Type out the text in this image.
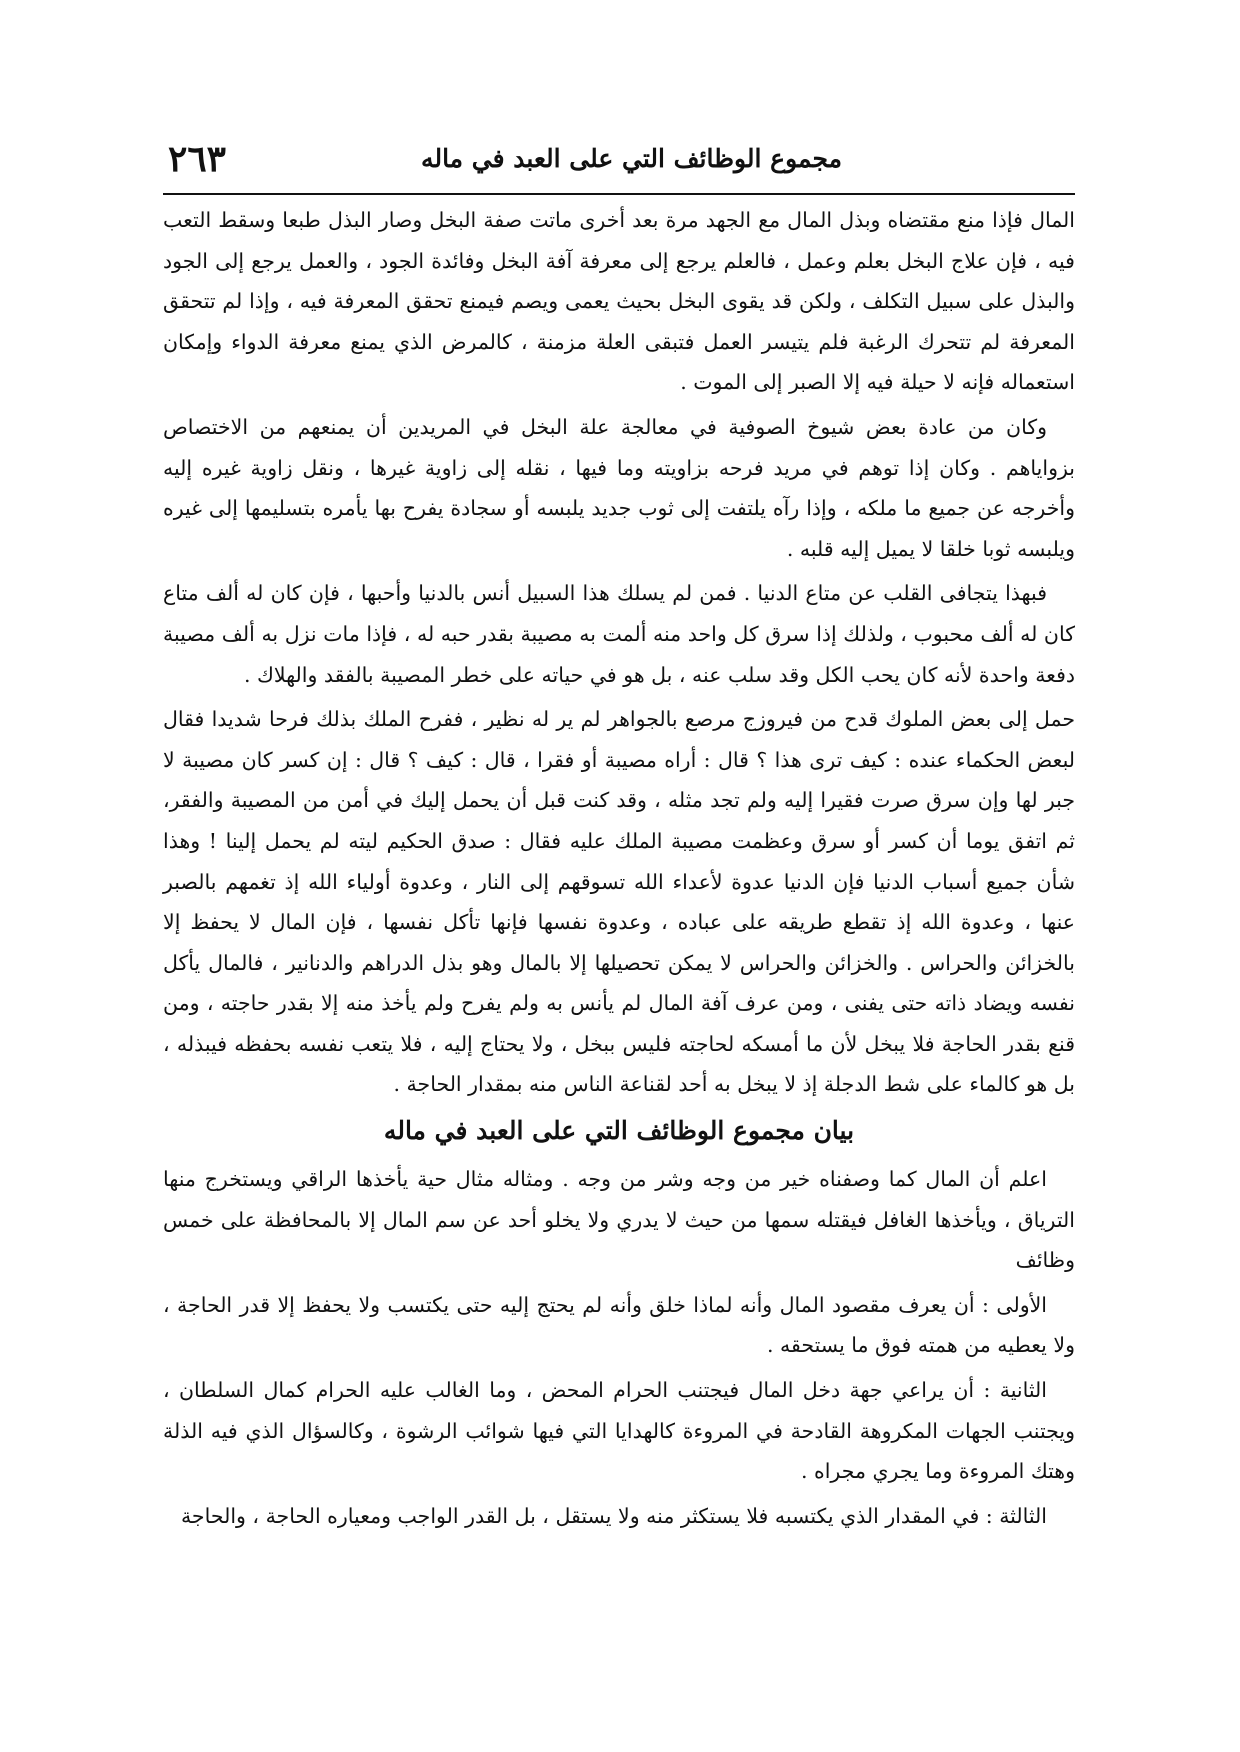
مجموع الوظائف التي على العبد في ماله
٢٦٣

المال فإذا منع مقتضاه وبذل المال مع الجهد مرة بعد أخرى ماتت صفة البخل وصار البذل طبعا وسقط التعب فيه ، فإن علاج البخل بعلم وعمل ، فالعلم يرجع إلى معرفة آفة البخل وفائدة الجود ، والعمل يرجع إلى الجود والبذل على سبيل التكلف ، ولكن قد يقوى البخل بحيث يعمى ويصم فيمنع تحقق المعرفة فيه ، وإذا لم تتحقق المعرفة لم تتحرك الرغبة فلم يتيسر العمل فتبقى العلة مزمنة ، كالمرض الذي يمنع معرفة الدواء وإمكان استعماله فإنه لا حيلة فيه إلا الصبر إلى الموت .

وكان من عادة بعض شيوخ الصوفية في معالجة علة البخل في المريدين أن يمنعهم من الاختصاص بزواياهم . وكان إذا توهم في مريد فرحه بزاويته وما فيها ، نقله إلى زاوية غيرها ، ونقل زاوية غيره إليه وأخرجه عن جميع ما ملكه ، وإذا رآه يلتفت إلى ثوب جديد يلبسه أو سجادة يفرح بها يأمره بتسليمها إلى غيره ويلبسه ثوبا خلقا لا يميل إليه قلبه .

فبهذا يتجافى القلب عن متاع الدنيا . فمن لم يسلك هذا السبيل أنس بالدنيا وأحبها ، فإن كان له ألف متاع كان له ألف محبوب ، ولذلك إذا سرق كل واحد منه ألمت به مصيبة بقدر حبه له ، فإذا مات نزل به ألف مصيبة دفعة واحدة لأنه كان يحب الكل وقد سلب عنه ، بل هو في حياته على خطر المصيبة بالفقد والهلاك .

حمل إلى بعض الملوك قدح من فيروزج مرصع بالجواهر لم ير له نظير ، ففرح الملك بذلك فرحا شديدا فقال لبعض الحكماء عنده : كيف ترى هذا ؟ قال : أراه مصيبة أو فقرا ، قال : كيف ؟ قال : إن كسر كان مصيبة لا جبر لها وإن سرق صرت فقيرا إليه ولم تجد مثله ، وقد كنت قبل أن يحمل إليك في أمن من المصيبة والفقر، ثم اتفق يوما أن كسر أو سرق وعظمت مصيبة الملك عليه فقال : صدق الحكيم ليته لم يحمل إلينا ! وهذا شأن جميع أسباب الدنيا فإن الدنيا عدوة لأعداء الله تسوقهم إلى النار ، وعدوة أولياء الله إذ تغمهم بالصبر عنها ، وعدوة الله إذ تقطع طريقه على عباده ، وعدوة نفسها فإنها تأكل نفسها ، فإن المال لا يحفظ إلا بالخزائن والحراس . والخزائن والحراس لا يمكن تحصيلها إلا بالمال وهو بذل الدراهم والدنانير ، فالمال يأكل نفسه ويضاد ذاته حتى يفنى ، ومن عرف آفة المال لم يأنس به ولم يفرح ولم يأخذ منه إلا بقدر حاجته ، ومن قنع بقدر الحاجة فلا يبخل لأن ما أمسكه لحاجته فليس ببخل ، ولا يحتاج إليه ، فلا يتعب نفسه بحفظه فيبذله ، بل هو كالماء على شط الدجلة إذ لا يبخل به أحد لقناعة الناس منه بمقدار الحاجة .

بيان مجموع الوظائف التي على العبد في ماله

اعلم أن المال كما وصفناه خير من وجه وشر من وجه . ومثاله مثال حية يأخذها الراقي ويستخرج منها الترياق ، ويأخذها الغافل فيقتله سمها من حيث لا يدري ولا يخلو أحد عن سم المال إلا بالمحافظة على خمس وظائف

الأولى : أن يعرف مقصود المال وأنه لماذا خلق وأنه لم يحتج إليه حتى يكتسب ولا يحفظ إلا قدر الحاجة ، ولا يعطيه من همته فوق ما يستحقه .

الثانية : أن يراعي جهة دخل المال فيجتنب الحرام المحض ، وما الغالب عليه الحرام كمال السلطان ، ويجتنب الجهات المكروهة القادحة في المروءة كالهدايا التي فيها شوائب الرشوة ، وكالسؤال الذي فيه الذلة وهتك المروءة وما يجري مجراه .

الثالثة : في المقدار الذي يكتسبه فلا يستكثر منه ولا يستقل ، بل القدر الواجب ومعياره الحاجة ، والحاجة
